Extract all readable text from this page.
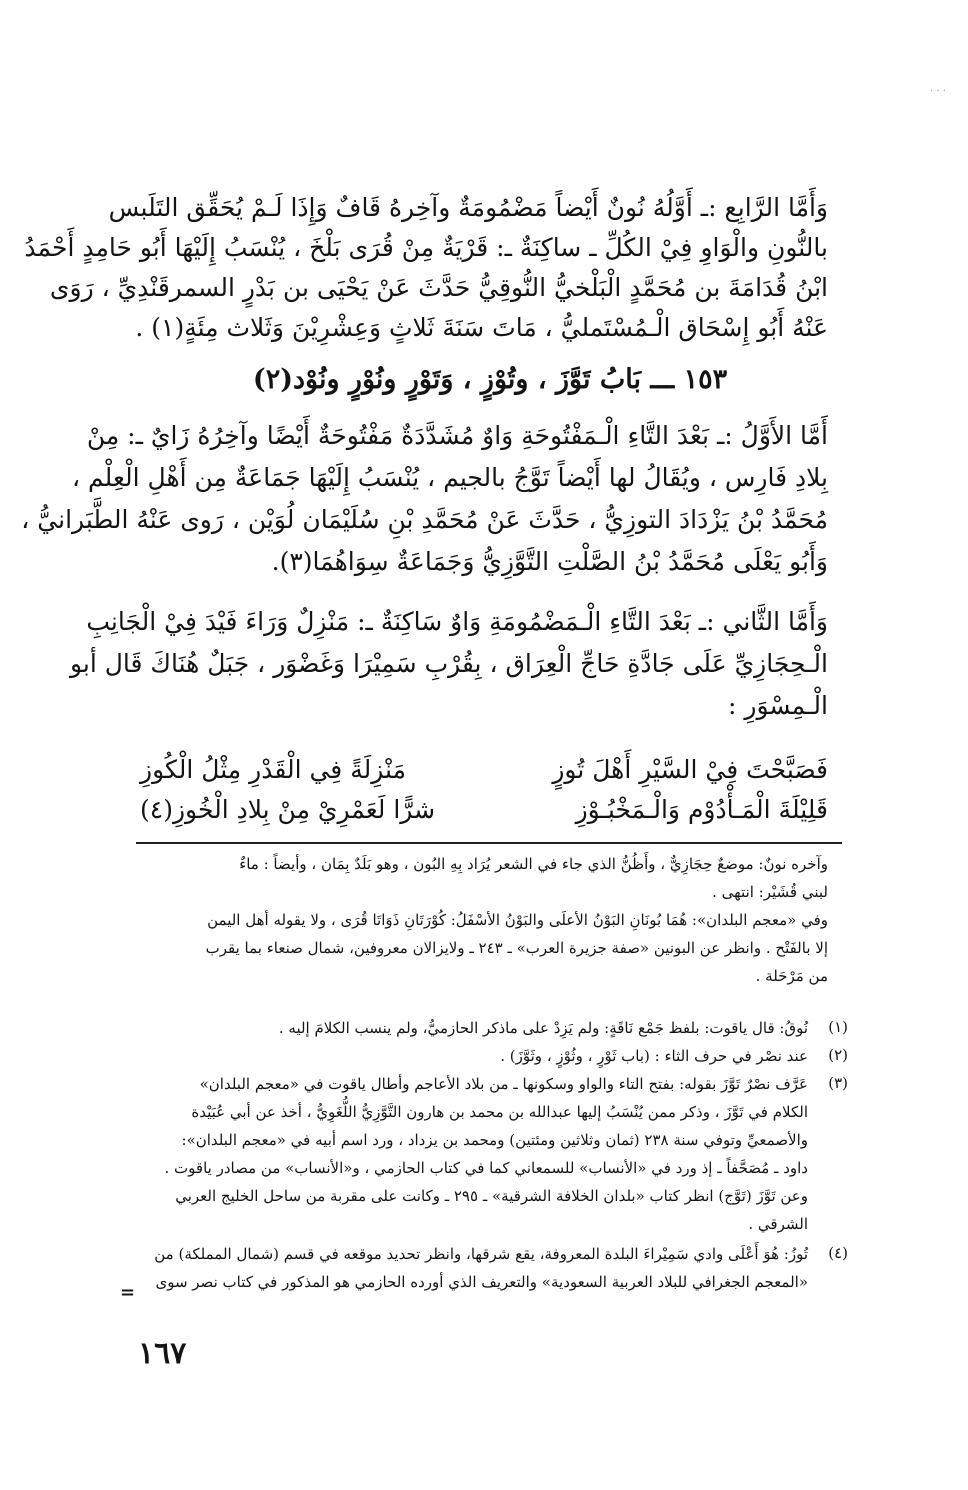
· · ·
وَأَمَّا الرَّابِع :ـ أَوَّلُهُ نُونٌ أَيْضاً مَضْمُومَةٌ وآخِرهُ قَافٌ وَإِذَا لَـمْ يُحَقِّق التَلَبس
بالنُّونِ والْوَاوِ فِيْ الكُلِّ ـ ساكِنَةٌ ـ: قَرْيَةٌ مِنْ قُرَى بَلْخَ ، يُنْسَبُ إِلَيْهَا أَبُو حَامِدٍ أَحْمَدُ
ابْنُ قُدَامَةَ بن مُحَمَّدٍ الْبَلْخيُّ النُّوقِيُّ حَدَّثَ عَنْ يَحْيَى بن بَدْرٍ السمرقَنْدِيِّ ، رَوَى
عَنْهُ أَبُو إِسْحَاق الْـمُسْتَمليُّ ، مَاتَ سَنَةَ ثَلاثٍ وَعِشْرِيْنَ وَثَلاث مِئَةٍ(١) .
١٥٣ ـــ بَابُ تَوَّزَ ، وتُوْزٍ ، وَتَوْرٍ ونُوْرٍ ونُوْد(٢)
أَمَّا الأَوَّلُ :ـ بَعْدَ التَّاءِ الْـمَفْتُوحَةِ وَاوٌ مُشَدَّدَةٌ مَفْتُوحَةٌ أَيْضًا وآخِرُهُ زَايٌ ـ: مِنْ
بِلادِ فَارِس ، ويُقَالُ لها أَيْضاً تَوَّجُ بالجيم ، يُنْسَبُ إِلَيْهَا جَمَاعَةٌ مِن أَهْلِ الْعِلْم ،
مُحَمَّدُ بْنُ يَزْدَادَ التوزِيُّ ، حَدَّثَ عَنْ مُحَمَّدِ بْنِ سُلَيْمَان لُوَيْن ، رَوى عَنْهُ الطَّبَرانيُّ ،
وَأَبُو يَعْلَى مُحَمَّدُ بْنُ الصَّلْتِ التَّوَّزِيُّ وَجَمَاعَةٌ سِوَاهُمَا(٣).
وَأَمَّا الثَّاني :ـ بَعْدَ التَّاءِ الْـمَضْمُومَةِ وَاوٌ سَاكِنَةٌ ـ: مَنْزِلٌ وَرَاءَ فَيْدَ فِيْ الْجَانِبِ
الْـحِجَازِيِّ عَلَى جَادَّةِ حَاجِّ الْعِرَاق ، بِقُرْبِ سَمِيْرَا وَغَضْوَر ، جَبَلٌ هُنَاكَ قَال أبو
الْـمِسْوَرِ :
فَصَبَّحْتَ فِيْ السَّيْرِ أَهْلَ تُوزٍ
مَنْزِلَةً فِي الْقَدْرِ مِثْلُ الْكُوزِ
قَلِيْلَةَ الْمَـأْدُوْم وَالْـمَخْبُـوْزِ
شرًّا لَعَمْرِيْ مِنْ بِلادِ الْخُوزِ(٤)
وآخره نونٌ: موضعٌ حِجَازِيٌّ ، وأَظُنُّ الذي جاء في الشعر يُرَاد بِهِ البُون ، وهو بَلَدٌ بِمَان ، وأيضاً : ماءٌ
لبني قُشَيْر: انتهى .
وفي «معجم البلدان»: هُمَا بُونَانِ البَوْنُ الأعلَى والبَوْنُ الأسْفَلُ: كُوْرَتَانِ ذَوَاتَا قُرَى ، ولا يقوله أهل اليمن
إلا بالفَتْح . وانظر عن البونين «صفة جزيرة العرب» ـ ٢٤٣ ـ ولايزالان معروفين، شمال صنعاء بما يقرب
من مَرْحَلة .
(١)
نُوقُ: قال ياقوت: بلفظ جَمْع نَاقَةٍ: ولم يَزِدْ على ماذكر الحازميُّ، ولم ينسب الكلامَ إليه .
(٢)
عند نصْر في حرف الثاء : (باب ثَوْرٍ ، وثُوْزٍ ، وثَوَّزَ) .
(٣)
عَرَّف نصْرٌ تَوَّزَ بقوله: بفتح التاء والواو وسكونها ـ من بلاد الأعاجم وأطال ياقوت في «معجم البلدان»
الكلام في تَوَّزَ ، وذكر ممن يُنْسَبُ إليها عبدالله بن محمد بن هارون التَّوَّزِيُّ اللُّغَوِيُّ ، أخذ عن أبي عُبَيْدة
والأصمعيِّ وتوفي سنة ٢٣٨ (ثمان وثلاثين ومئتين) ومحمد بن يزداد ، ورد اسم أبيه في «معجم البلدان»:
داود ـ مُصَحَّفاً ـ إذ ورد في «الأنساب» للسمعاني كما في كتاب الحازمي ، و«الأنساب» من مصادر ياقوت .
وعن تَوَّزَ (تَوَّج) انظر كتاب «بلدان الخلافة الشرقية» ـ ٢٩٥ ـ وكانت على مقربة من ساحل الخليج العربي
الشرقي .
(٤)
تُوزُ: هُوَ أَعْلَى وادي سَمِيْراءَ البلدة المعروفة، يقع شرقها، وانظر تحديد موقعه في قسم (شمال المملكة) من
«المعجم الجغرافي للبلاد العربية السعودية» والتعريف الذي أورده الحازمي هو المذكور في كتاب نصر سوى
=
١٦٧
